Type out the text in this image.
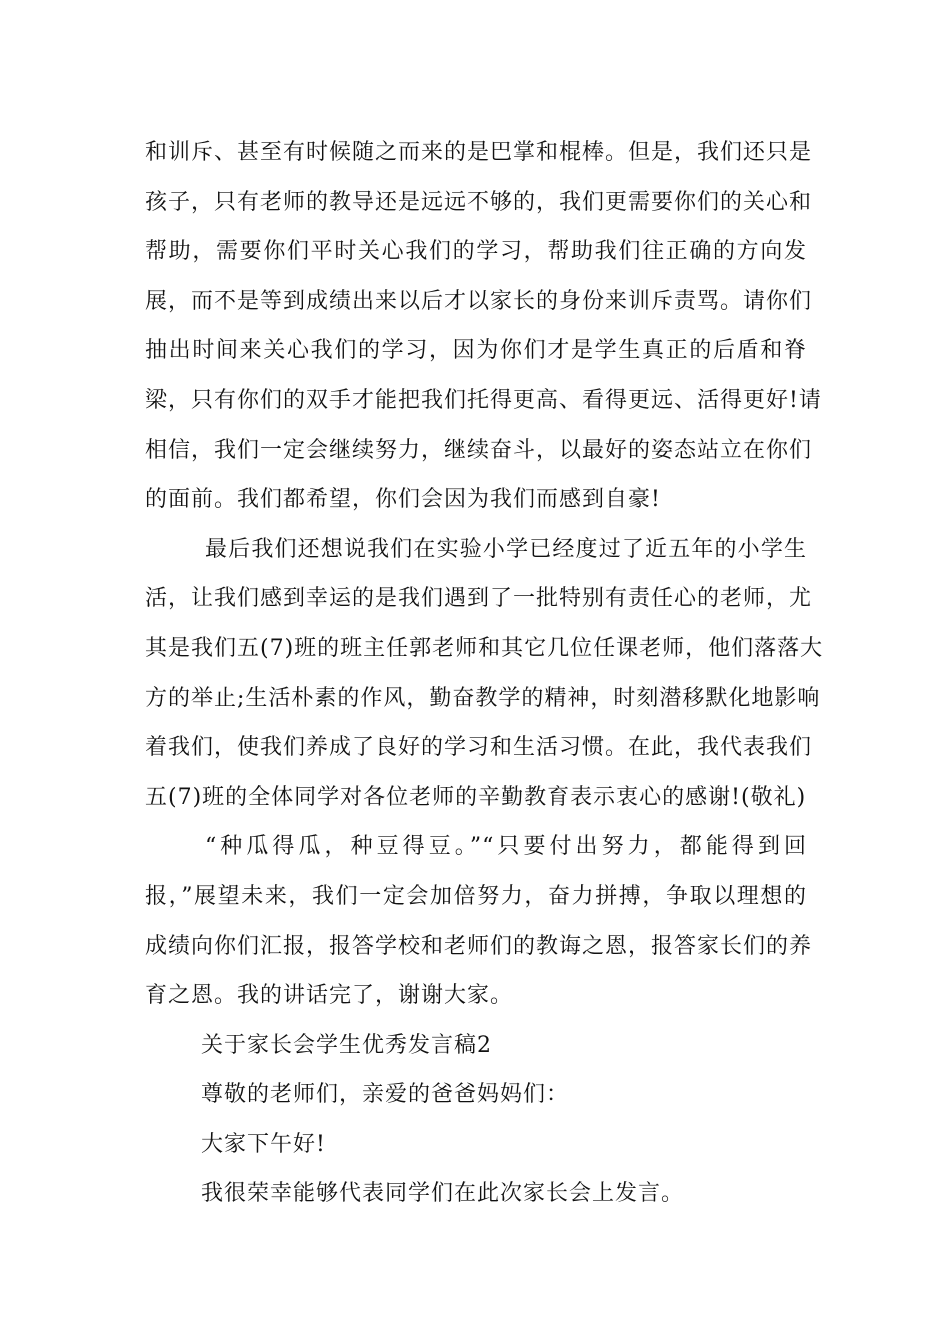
和训斥、甚至有时候随之而来的是巴掌和棍棒。但是，我们还只是
孩子，只有老师的教导还是远远不够的，我们更需要你们的关心和
帮助，需要你们平时关心我们的学习，帮助我们往正确的方向发
展，而不是等到成绩出来以后才以家长的身份来训斥责骂。请你们
抽出时间来关心我们的学习，因为你们才是学生真正的后盾和脊
梁，只有你们的双手才能把我们托得更高、看得更远、活得更好!请
相信，我们一定会继续努力，继续奋斗，以最好的姿态站立在你们
的面前。我们都希望，你们会因为我们而感到自豪!
最后我们还想说我们在实验小学已经度过了近五年的小学生
活，让我们感到幸运的是我们遇到了一批特别有责任心的老师，尤
其是我们五(7)班的班主任郭老师和其它几位任课老师，他们落落大
方的举止;生活朴素的作风，勤奋教学的精神，时刻潜移默化地影响
着我们，使我们养成了良好的学习和生活习惯。在此，我代表我们
五(7)班的全体同学对各位老师的辛勤教育表示衷心的感谢!(敬礼)
“种瓜得瓜，种豆得豆。”“只要付出努力，都能得到回
报，”展望未来，我们一定会加倍努力，奋力拼搏，争取以理想的
成绩向你们汇报，报答学校和老师们的教诲之恩，报答家长们的养
育之恩。我的讲话完了，谢谢大家。
关于家长会学生优秀发言稿2
尊敬的老师们，亲爱的爸爸妈妈们：
大家下午好!
我很荣幸能够代表同学们在此次家长会上发言。
